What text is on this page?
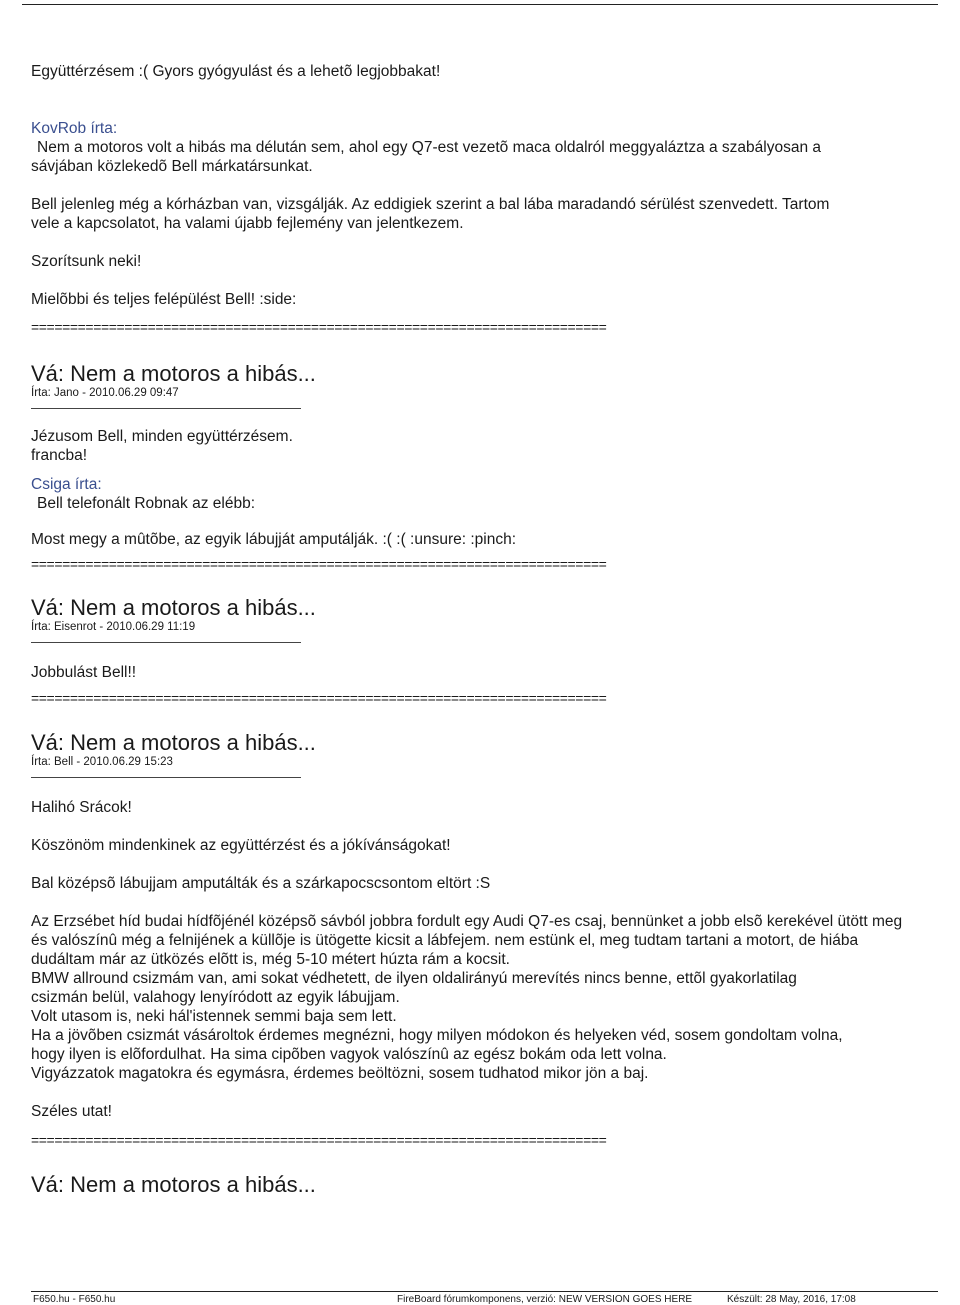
Együttérzésem :( Gyors gyógyulást és a lehetõ legjobbakat!

KovRob írta:

Nem a motoros volt a hibás ma délután sem, ahol egy Q7-est vezetõ maca oldalról meggyaláztza a szabályosan a

sávjában közlekedõ Bell márkatársunkat.

Bell jelenleg még a kórházban van, vizsgálják. Az eddigiek szerint a bal lába maradandó sérülést szenvedett. Tartom

vele a kapcsolatot, ha valami újabb fejlemény van jelentkezem.

Szorítsunk neki!

Mielõbbi és teljes felépülést Bell! :side:

==========================================================================

Vá: Nem a motoros a hibás...

Írta: Jano - 2010.06.29 09:47

Jézusom Bell, minden együttérzésem.

francba!

Csiga írta:

Bell telefonált Robnak az elébb:

Most megy a mûtõbe, az egyik lábujját amputálják. :( :( :unsure: :pinch:

==========================================================================

Vá: Nem a motoros a hibás...

Írta: Eisenrot - 2010.06.29 11:19

Jobbulást Bell!!

==========================================================================

Vá: Nem a motoros a hibás...

Írta: Bell - 2010.06.29 15:23

Halihó Srácok!

Köszönöm mindenkinek az együttérzést és a jókívánságokat!

Bal középsõ lábujjam amputálták és a szárkapocscsontom eltört :S

Az Erzsébet híd budai hídfõjénél középsõ sávból jobbra fordult egy Audi Q7-es csaj, bennünket a jobb elsõ kerekével ütött meg

és valószínû még a felnijének a küllõje is ütögette kicsit a lábfejem. nem estünk el, meg tudtam tartani a motort, de hiába

dudáltam már az ütközés elõtt is, még 5-10 métert húzta rám a kocsit.

BMW allround csizmám van, ami sokat védhetett, de ilyen oldalirányú merevítés nincs benne, ettõl gyakorlatilag

csizmán belül, valahogy lenyíródott az egyik lábujjam.

Volt utasom is, neki hál'istennek semmi baja sem lett.

Ha a jövõben csizmát vásároltok érdemes megnézni, hogy milyen módokon és helyeken véd, sosem gondoltam volna,

hogy ilyen is elõfordulhat. Ha sima cipõben vagyok valószínû az egész bokám oda lett volna.

Vigyázzatok magatokra és egymásra, érdemes beöltözni, sosem tudhatod mikor jön a baj.

Széles utat!

==========================================================================

Vá: Nem a motoros a hibás...

F650.hu - F650.hu	FireBoard fórumkomponens, verzió: NEW VERSION GOES HERE	Készült: 28 May, 2016, 17:08
